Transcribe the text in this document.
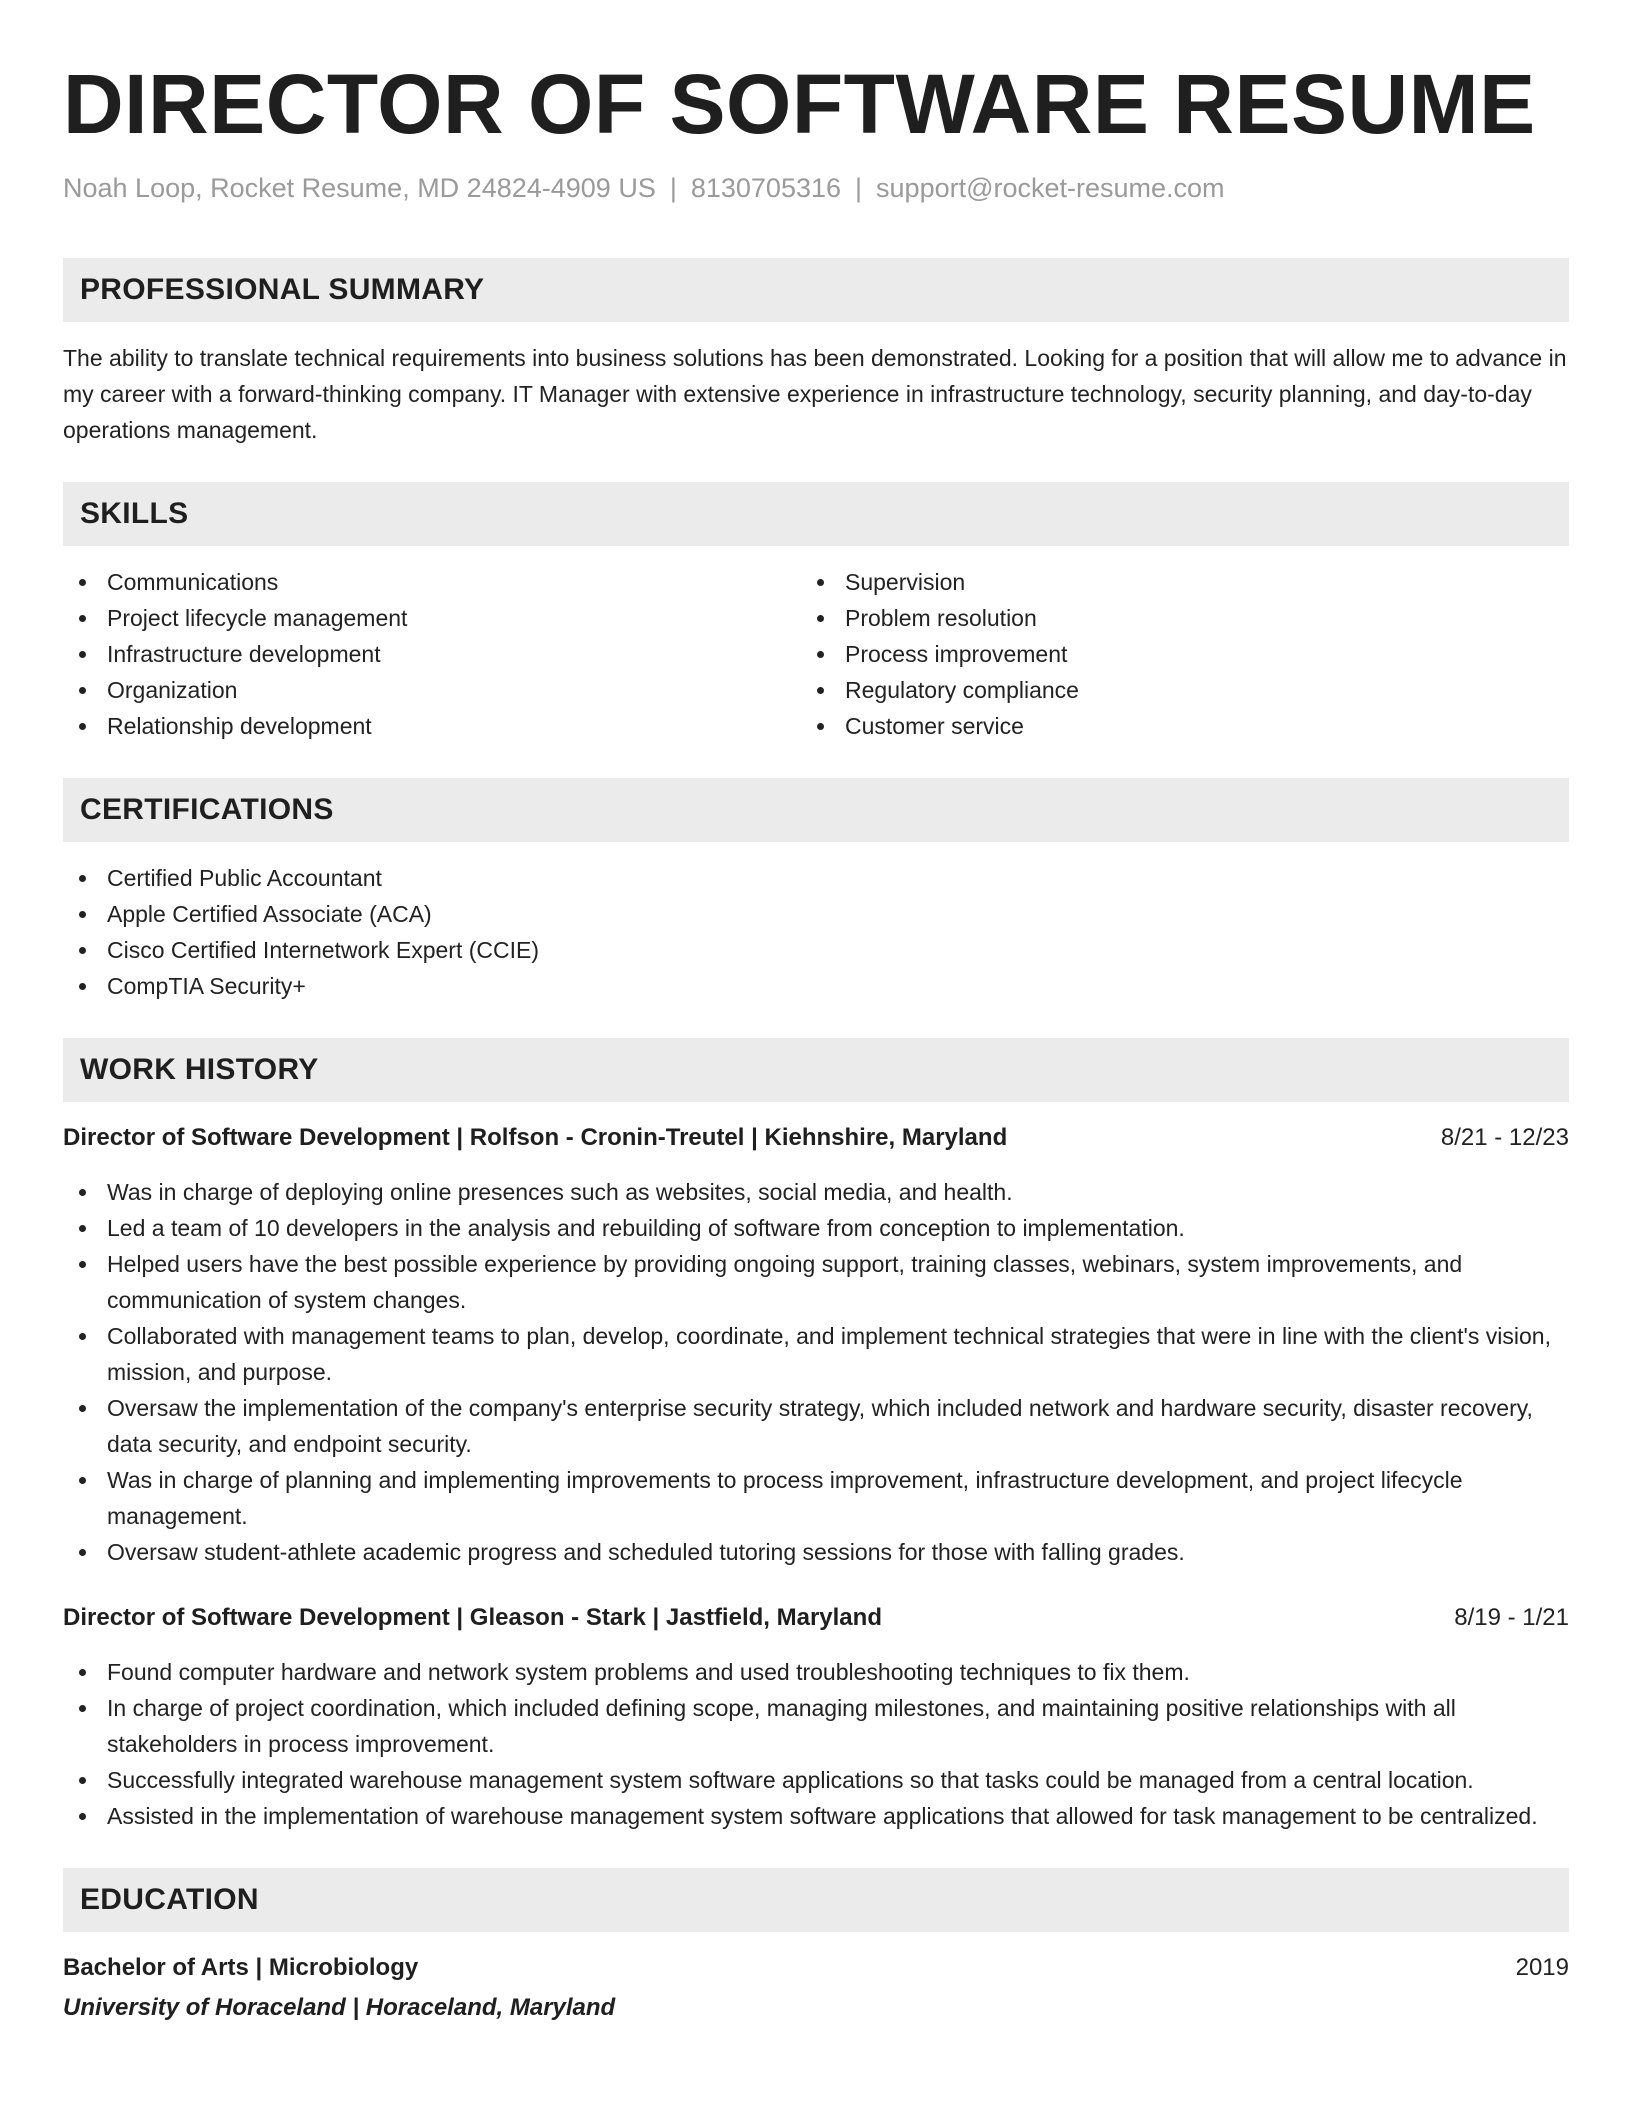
DIRECTOR OF SOFTWARE RESUME
Noah Loop, Rocket Resume, MD 24824-4909 US | 8130705316 | support@rocket-resume.com
PROFESSIONAL SUMMARY

The ability to translate technical requirements into business solutions has been demonstrated. Looking for a position that will allow me to advance in my career with a forward-thinking company. IT Manager with extensive experience in infrastructure technology, security planning, and day-to-day operations management.

SKILLS
Communications
Project lifecycle management
Infrastructure development
Organization
Relationship development
Supervision
Problem resolution
Process improvement
Regulatory compliance
Customer service
CERTIFICATIONS
Certified Public Accountant
Apple Certified Associate (ACA)
Cisco Certified Internetwork Expert (CCIE)
CompTIA Security+
WORK HISTORY
Director of Software Development | Rolfson - Cronin-Treutel | Kiehnshire, Maryland	8/21 - 12/23
Was in charge of deploying online presences such as websites, social media, and health.
Led a team of 10 developers in the analysis and rebuilding of software from conception to implementation.
Helped users have the best possible experience by providing ongoing support, training classes, webinars, system improvements, and communication of system changes.
Collaborated with management teams to plan, develop, coordinate, and implement technical strategies that were in line with the client's vision, mission, and purpose.
Oversaw the implementation of the company's enterprise security strategy, which included network and hardware security, disaster recovery, data security, and endpoint security.
Was in charge of planning and implementing improvements to process improvement, infrastructure development, and project lifecycle management.
Oversaw student-athlete academic progress and scheduled tutoring sessions for those with falling grades.
Director of Software Development | Gleason - Stark | Jastfield, Maryland	8/19 - 1/21
Found computer hardware and network system problems and used troubleshooting techniques to fix them.
In charge of project coordination, which included defining scope, managing milestones, and maintaining positive relationships with all stakeholders in process improvement.
Successfully integrated warehouse management system software applications so that tasks could be managed from a central location.
Assisted in the implementation of warehouse management system software applications that allowed for task management to be centralized.
EDUCATION
Bachelor of Arts | Microbiology	2019
University of Horaceland | Horaceland, Maryland
